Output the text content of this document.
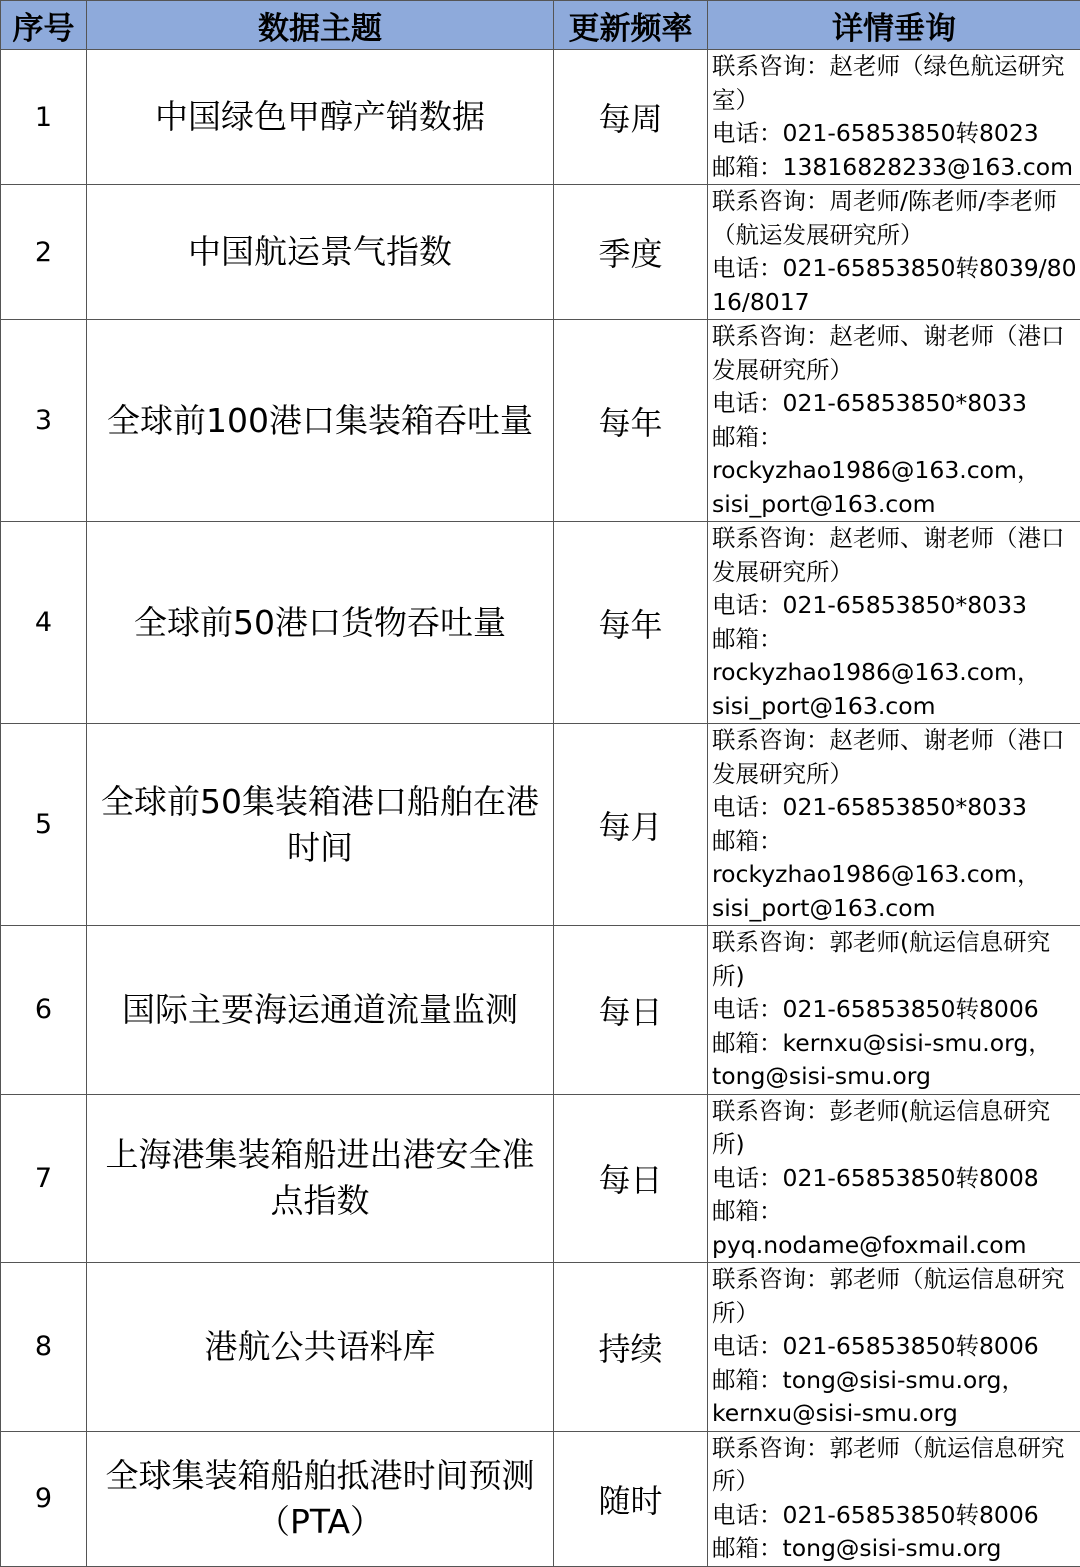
序号	数据主题	更新频率	详情垂询
1	中国绿色甲醇产销数据	每周	联系咨询：赵老师（绿色航运研究室）
电话：021-65853850转8023
邮箱：13816828233@163.com
2	中国航运景气指数	季度	联系咨询：周老师/陈老师/李老师（航运发展研究所）
电话：021-65853850转8039/8016/8017
3	全球前100港口集装箱吞吐量	每年	联系咨询：赵老师、谢老师（港口发展研究所）
电话：021-65853850*8033
邮箱：
rockyzhao1986@163.com，
sisi_port@163.com
4	全球前50港口货物吞吐量	每年	联系咨询：赵老师、谢老师（港口发展研究所）
电话：021-65853850*8033
邮箱：
rockyzhao1986@163.com，
sisi_port@163.com
5	全球前50集装箱港口船舶在港时间	每月	联系咨询：赵老师、谢老师（港口发展研究所）
电话：021-65853850*8033
邮箱：
rockyzhao1986@163.com，
sisi_port@163.com
6	国际主要海运通道流量监测	每日	联系咨询：郭老师(航运信息研究所)
电话：021-65853850转8006
邮箱：kernxu@sisi-smu.org，
tong@sisi-smu.org
7	上海港集装箱船进出港安全准点指数	每日	联系咨询：彭老师(航运信息研究所)
电话：021-65853850转8008
邮箱：
pyq.nodame@foxmail.com
8	港航公共语料库	持续	联系咨询：郭老师（航运信息研究所）
电话：021-65853850转8006
邮箱：tong@sisi-smu.org，
kernxu@sisi-smu.org
9	全球集装箱船舶抵港时间预测（PTA）	随时	联系咨询：郭老师（航运信息研究所）
电话：021-65853850转8006
邮箱：tong@sisi-smu.org
